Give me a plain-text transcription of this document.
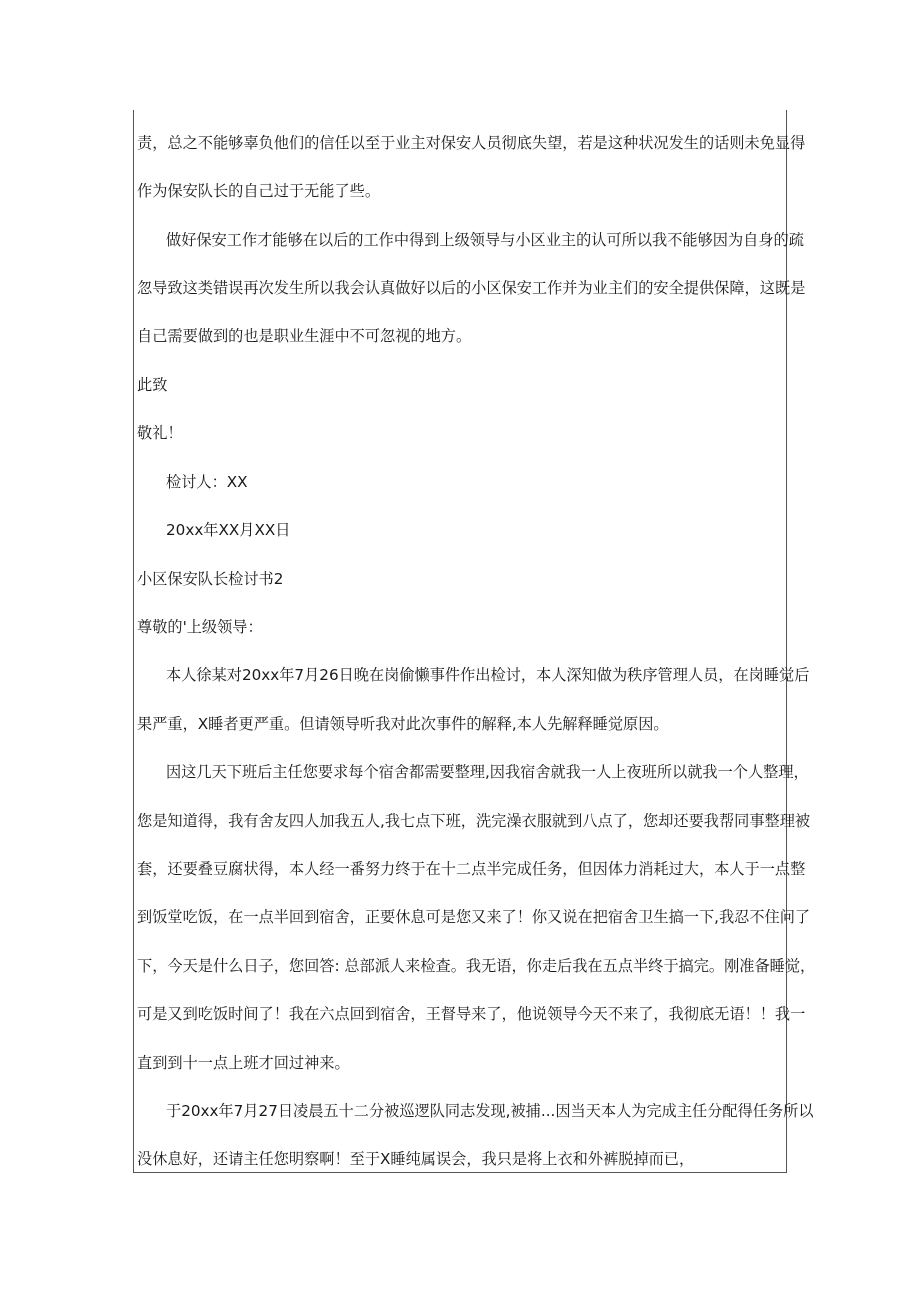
责，总之不能够辜负他们的信任以至于业主对保安人员彻底失望，若是这种状况发生的话则未免显得
作为保安队长的自己过于无能了些。
做好保安工作才能够在以后的工作中得到上级领导与小区业主的认可所以我不能够因为自身的疏
忽导致这类错误再次发生所以我会认真做好以后的小区保安工作并为业主们的安全提供保障，这既是
自己需要做到的也是职业生涯中不可忽视的地方。
此致
敬礼！
检讨人：XX
20xx年XX月XX日
小区保安队长检讨书2
尊敬的'上级领导：
本人徐某对20xx年7月26日晚在岗偷懒事件作出检讨，本人深知做为秩序管理人员，在岗睡觉后
果严重，X睡者更严重。但请领导听我对此次事件的解释,本人先解释睡觉原因。
因这几天下班后主任您要求每个宿舍都需要整理,因我宿舍就我一人上夜班所以就我一个人整理，
您是知道得，我有舍友四人加我五人,我七点下班，洗完澡衣服就到八点了，您却还要我帮同事整理被
套，还要叠豆腐状得，本人经一番努力终于在十二点半完成任务，但因体力消耗过大，本人于一点整
到饭堂吃饭，在一点半回到宿舍，正要休息可是您又来了！你又说在把宿舍卫生搞一下,我忍不住问了
下，今天是什么日子，您回答: 总部派人来检查。我无语，你走后我在五点半终于搞完。刚准备睡觉，
可是又到吃饭时间了！我在六点回到宿舍，王督导来了，他说领导今天不来了，我彻底无语！！我一
直到到十一点上班才回过神来。
于20xx年7月27日凌晨五十二分被巡逻队同志发现,被捕...因当天本人为完成主任分配得任务所以
没休息好，还请主任您明察啊！至于X睡纯属误会，我只是将上衣和外裤脱掉而已，
